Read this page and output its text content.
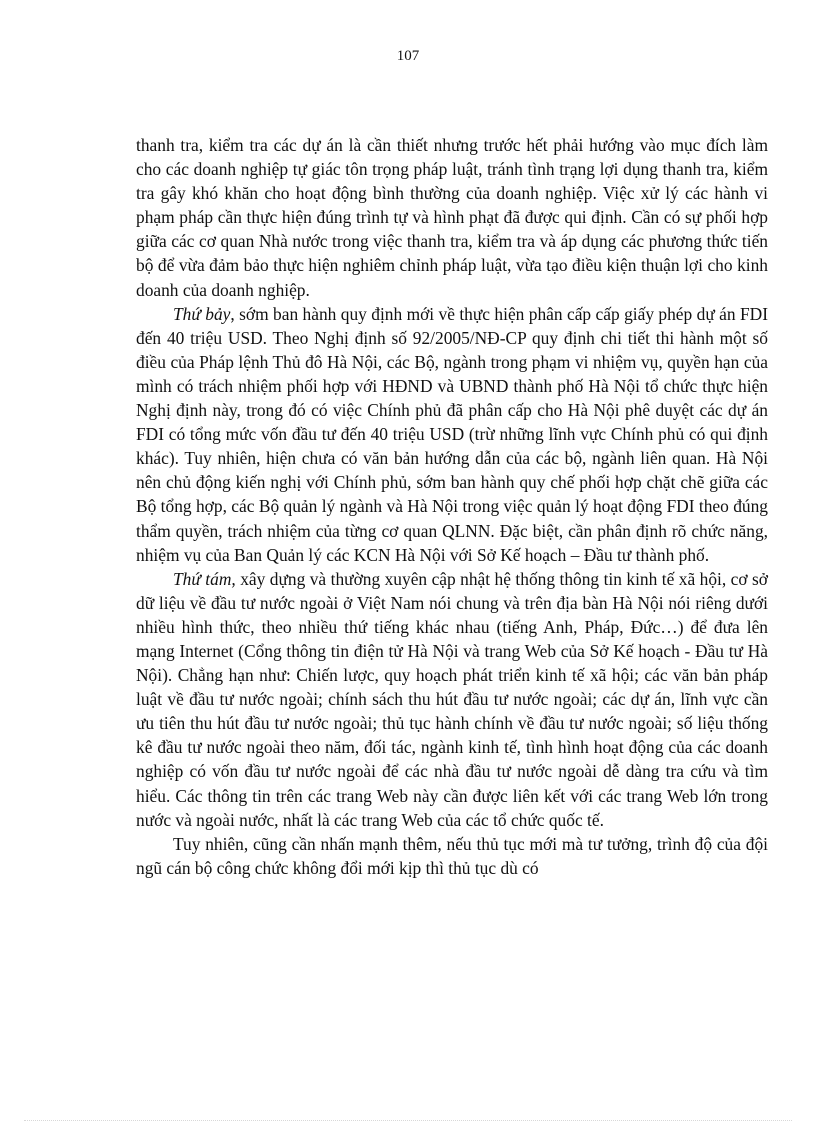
107

thanh tra, kiểm tra các dự án là cần thiết nhưng trước hết phải hướng vào mục đích làm cho các doanh nghiệp tự giác tôn trọng pháp luật, tránh tình trạng lợi dụng thanh tra, kiểm tra gây khó khăn cho hoạt động bình thường của doanh nghiệp. Việc xử lý các hành vi phạm pháp cần thực hiện đúng trình tự và hình phạt đã được qui định. Cần có sự phối hợp giữa các cơ quan Nhà nước trong việc thanh tra, kiểm tra và áp dụng các phương thức tiến bộ để vừa đảm bảo thực hiện nghiêm chỉnh pháp luật, vừa tạo điều kiện thuận lợi cho kinh doanh của doanh nghiệp.

Thứ bảy, sớm ban hành quy định mới về thực hiện phân cấp cấp giấy phép dự án FDI đến 40 triệu USD. Theo Nghị định số 92/2005/NĐ-CP quy định chi tiết thi hành một số điều của Pháp lệnh Thủ đô Hà Nội, các Bộ, ngành trong phạm vi nhiệm vụ, quyền hạn của mình có trách nhiệm phối hợp với HĐND và UBND thành phố Hà Nội tổ chức thực hiện Nghị định này, trong đó có việc Chính phủ đã phân cấp cho Hà Nội phê duyệt các dự án FDI có tổng mức vốn đầu tư đến 40 triệu USD (trừ những lĩnh vực Chính phủ có qui định khác). Tuy nhiên, hiện chưa có văn bản hướng dẫn của các bộ, ngành liên quan. Hà Nội nên chủ động kiến nghị với Chính phủ, sớm ban hành quy chế phối hợp chặt chẽ giữa các Bộ tổng hợp, các Bộ quản lý ngành và Hà Nội trong việc quản lý hoạt động FDI theo đúng thẩm quyền, trách nhiệm của từng cơ quan QLNN. Đặc biệt, cần phân định rõ chức năng, nhiệm vụ của Ban Quản lý các KCN Hà Nội với Sở Kế hoạch – Đầu tư thành phố.

Thứ tám, xây dựng và thường xuyên cập nhật hệ thống thông tin kinh tế xã hội, cơ sở dữ liệu về đầu tư nước ngoài ở Việt Nam nói chung và trên địa bàn Hà Nội nói riêng dưới nhiều hình thức, theo nhiều thứ tiếng khác nhau (tiếng Anh, Pháp, Đức…) để đưa lên mạng Internet (Cổng thông tin điện tử Hà Nội và trang Web của Sở Kế hoạch - Đầu tư Hà Nội). Chẳng hạn như: Chiến lược, quy hoạch phát triển kinh tế xã hội; các văn bản pháp luật về đầu tư nước ngoài; chính sách thu hút đầu tư nước ngoài; các dự án, lĩnh vực cần ưu tiên thu hút đầu tư nước ngoài; thủ tục hành chính về đầu tư nước ngoài; số liệu thống kê đầu tư nước ngoài theo năm, đối tác, ngành kinh tế, tình hình hoạt động của các doanh nghiệp có vốn đầu tư nước ngoài để các nhà đầu tư nước ngoài dễ dàng tra cứu và tìm hiểu. Các thông tin trên các trang Web này cần được liên kết với các trang Web lớn trong nước và ngoài nước, nhất là các trang Web của các tổ chức quốc tế.

Tuy nhiên, cũng cần nhấn mạnh thêm, nếu thủ tục mới mà tư tưởng, trình độ của đội ngũ cán bộ công chức không đổi mới kịp thì thủ tục dù có
